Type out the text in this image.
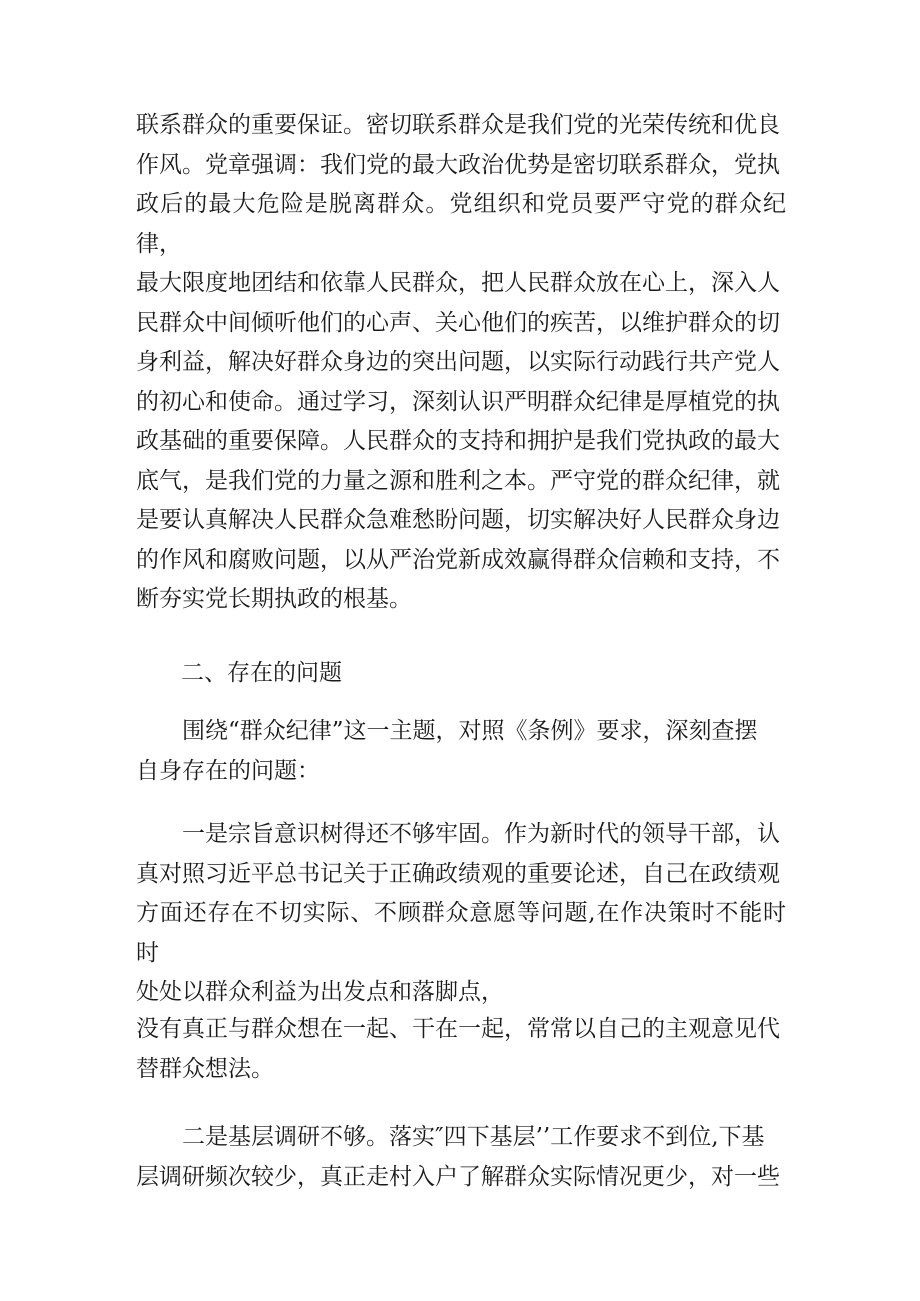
联系群众的重要保证。密切联系群众是我们党的光荣传统和优良
作风。党章强调：我们党的最大政治优势是密切联系群众，党执
政后的最大危险是脱离群众。党组织和党员要严守党的群众纪律，
最大限度地团结和依靠人民群众，把人民群众放在心上，深入人
民群众中间倾听他们的心声、关心他们的疾苦，以维护群众的切
身利益，解决好群众身边的突出问题，以实际行动践行共产党人
的初心和使命。通过学习，深刻认识严明群众纪律是厚植党的执
政基础的重要保障。人民群众的支持和拥护是我们党执政的最大
底气，是我们党的力量之源和胜利之本。严守党的群众纪律，就
是要认真解决人民群众急难愁盼问题，切实解决好人民群众身边
的作风和腐败问题，以从严治党新成效赢得群众信赖和支持，不
断夯实党长期执政的根基。

二、存在的问题

　　围绕“群众纪律”这一主题，对照《条例》要求，深刻查摆
自身存在的问题：

　　一是宗旨意识树得还不够牢固。作为新时代的领导干部，认
真对照习近平总书记关于正确政绩观的重要论述，自己在政绩观
方面还存在不切实际、不顾群众意愿等问题,在作决策时不能时时
处处以群众利益为出发点和落脚点，

没有真正与群众想在一起、干在一起，常常以自己的主观意见代
替群众想法。

　　二是基层调研不够。落实″四下基层’’工作要求不到位,下基
层调研频次较少，真正走村入户了解群众实际情况更少，对一些
